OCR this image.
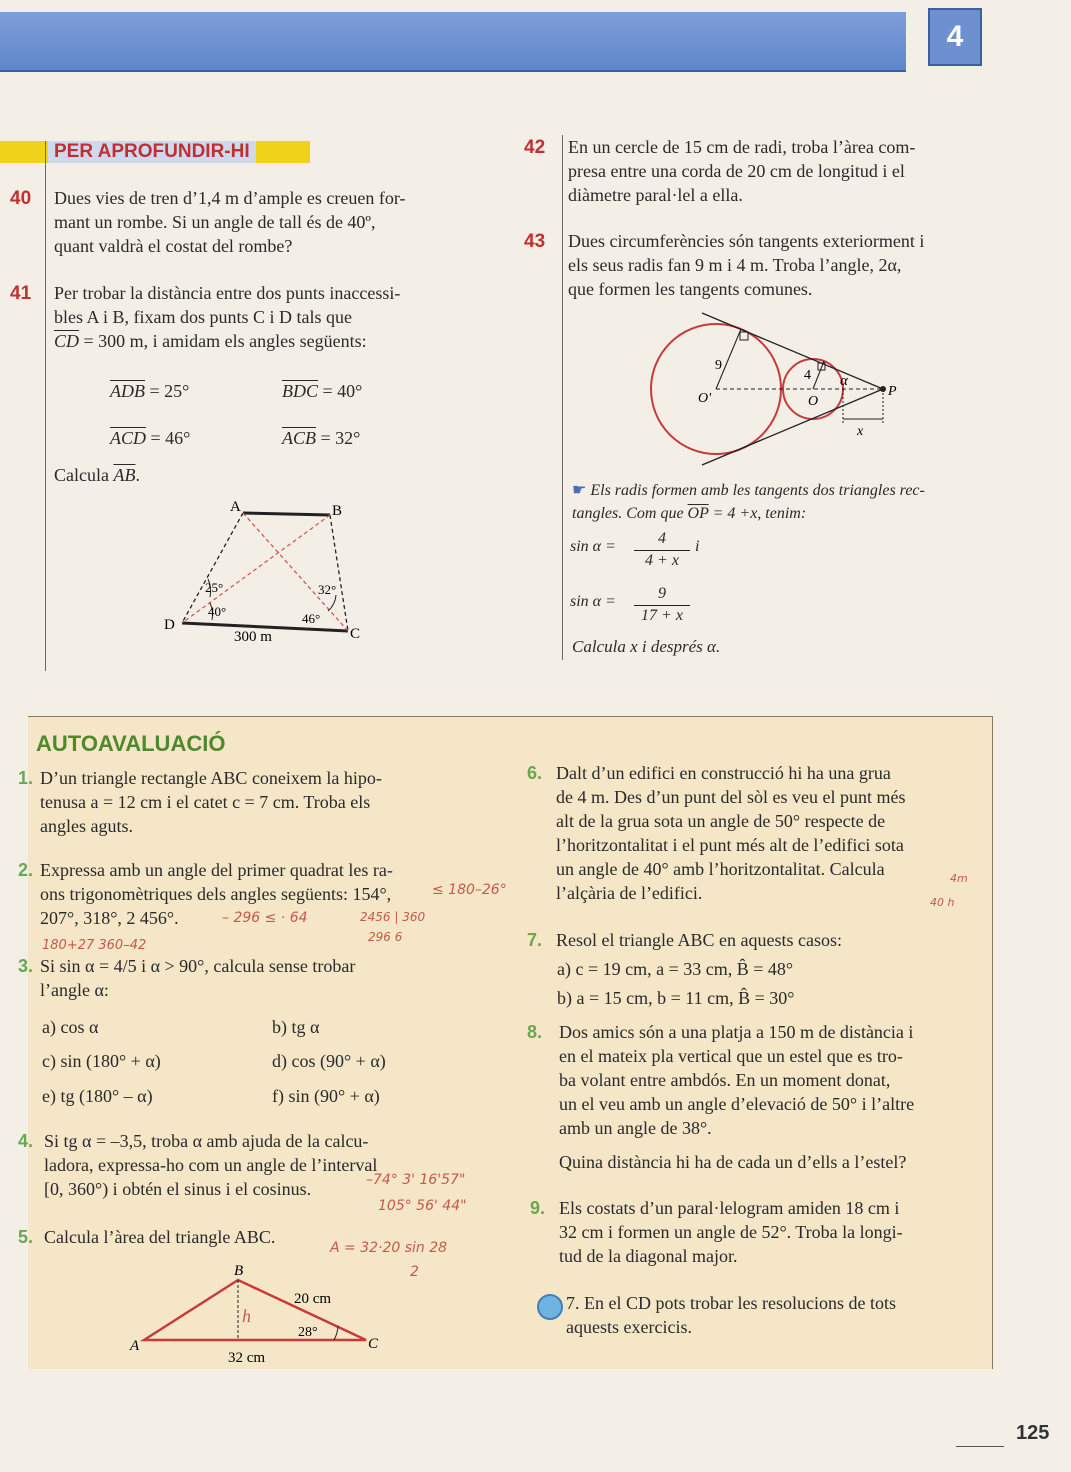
4
PER APROFUNDIR-HI
40 Dues vies de tren d’1,4 m d’ample es creuen for-
mant un rombe. Si un angle de tall és de 40º,
quant valdrà el costat del rombe?
41 Per trobar la distància entre dos punts inaccessi-
bles A i B, fixam dos punts C i D tals que
$\overline{CD} = 300$ m, i amidam els angles següents:
$\overline{ADB} = 25^\circ$	$\overline{BDC} = 40^\circ$
$\overline{ACD} = 46^\circ$	$\overline{ACB} = 32^\circ$
Calcula $\overline{AB}$.
A	B
C
D
25°
40°
32°
46°
300 m
42 En un cercle de 15 cm de radi, troba l’àrea com-
presa entre una corda de 20 cm de longitud i el
diàmetre paral·lel a ella.
43 Dues circumferències són tangents exteriorment i
els seus radis fan 9 m i 4 m. Troba l’angle, 2α,
que formen les tangents comunes.
9
4
O'	O
P
x
α
☛ Els radis formen amb les tangents dos triangles rec-
tangles. Com que $\overline{OP} = 4 +x$, tenim:
sin α =	4
4 + x
i
sin α =	9
17 + x
Calcula x i després α.
AUTOAVALUACIÓ
1. D’un triangle rectangle ABC coneixem la hipo-
tenusa a = 12 cm i el catet c = 7 cm. Troba els
angles aguts.
2. Expressa amb un angle del primer quadrat les ra-
ons trigonomètriques dels angles següents: 154°,
207°, 318°, 2 456°.
3. Si sin α = 4/5 i α > 90°, calcula sense trobar
l’angle α:
a) cos α	b) tg α
c) sin (180° + α)	d) cos (90° + α)
e) tg (180° – α)	f) sin (90° + α)
4. Si tg α = –3,5, troba α amb ajuda de la calcu-
ladora, expressa-ho com un angle de l’interval
[0, 360°) i obtén el sinus i el cosinus.
5. Calcula l’àrea del triangle ABC.
A
B
C
20 cm
28°
32 cm
h
6. Dalt d’un edifici en construcció hi ha una grua
de 4 m. Des d’un punt del sòl es veu el punt més
alt de la grua sota un angle de 50° respecte de
l’horitzontalitat i el punt més alt de l’edifici sota
un angle de 40° amb l’horitzontalitat. Calcula
l’alçària de l’edifici.
7. Resol el triangle ABC en aquests casos:
a) c = 19 cm, a = 33 cm, B̂ = 48°
b) a = 15 cm, b = 11 cm, B̂ = 30°
8. Dos amics són a una platja a 150 m de distància i
en el mateix pla vertical que un estel que es tro-
ba volant entre ambdós. En un moment donat,
un el veu amb un angle d’elevació de 50° i l’altre
amb un angle de 38°.
Quina distància hi ha de cada un d’ells a l’estel?
9. Els costats d’un paral·lelogram amiden 18 cm i
32 cm i formen un angle de 52°. Troba la longi-
tud de la diagonal major.
7. En el CD pots trobar les resolucions de tots
aquests exercicis.
≤ 180–26°
– 296 ≤ · 64	2456 | 360
296 6
180+27 360–42
–74° 3' 16'57"
105° 56' 44"
A = 32·20 sin 28
2
4m
40 h
125
